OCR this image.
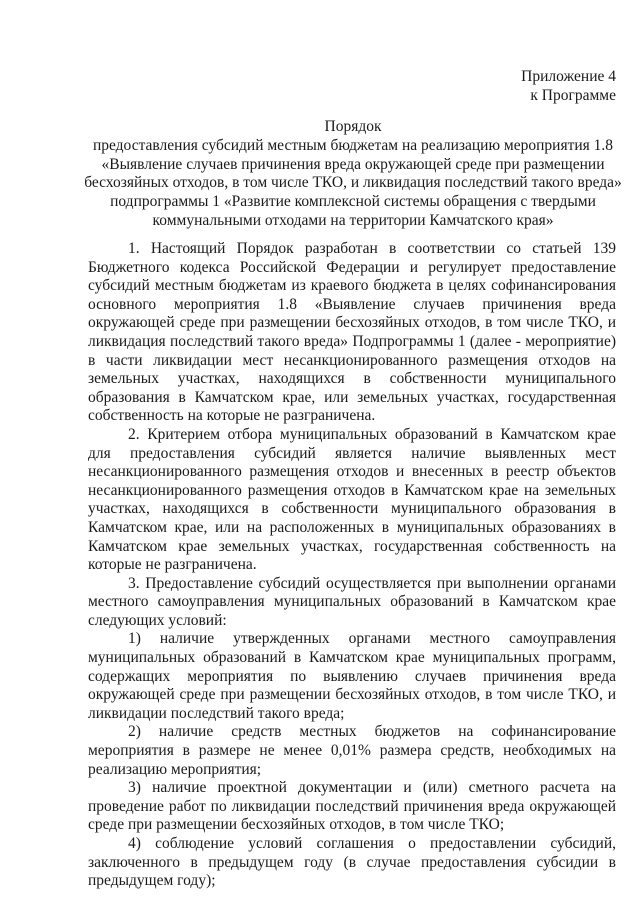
Приложение 4
к Программе
Порядок
предоставления субсидий местным бюджетам на реализацию мероприятия 1.8 «Выявление случаев причинения вреда окружающей среде при размещении бесхозяйных отходов, в том числе ТКО, и ликвидация последствий такого вреда» подпрограммы 1 «Развитие комплексной системы обращения с твердыми коммунальными отходами на территории Камчатского края»

1. Настоящий Порядок разработан в соответствии со статьей 139 Бюджетного кодекса Российской Федерации и регулирует предоставление субсидий местным бюджетам из краевого бюджета в целях софинансирования основного мероприятия 1.8 «Выявление случаев причинения вреда окружающей среде при размещении бесхозяйных отходов, в том числе ТКО, и ликвидация последствий такого вреда» Подпрограммы 1 (далее - мероприятие) в части ликвидации мест несанкционированного размещения отходов на земельных участках, находящихся в собственности муниципального образования в Камчатском крае, или земельных участках, государственная собственность на которые не разграничена.

2. Критерием отбора муниципальных образований в Камчатском крае для предоставления субсидий является наличие выявленных мест несанкционированного размещения отходов и внесенных в реестр объектов несанкционированного размещения отходов в Камчатском крае на земельных участках, находящихся в собственности муниципального образования в Камчатском крае, или на расположенных в муниципальных образованиях в Камчатском крае земельных участках, государственная собственность на которые не разграничена.

3. Предоставление субсидий осуществляется при выполнении органами местного самоуправления муниципальных образований в Камчатском крае следующих условий:

1) наличие утвержденных органами местного самоуправления муниципальных образований в Камчатском крае муниципальных программ, содержащих мероприятия по выявлению случаев причинения вреда окружающей среде при размещении бесхозяйных отходов, в том числе ТКО, и ликвидации последствий такого вреда;

2) наличие средств местных бюджетов на софинансирование мероприятия в размере не менее 0,01% размера средств, необходимых на реализацию мероприятия;

3) наличие проектной документации и (или) сметного расчета на проведение работ по ликвидации последствий причинения вреда окружающей среде при размещении бесхозяйных отходов, в том числе ТКО;

4) соблюдение условий соглашения о предоставлении субсидий, заключенного в предыдущем году (в случае предоставления субсидии в предыдущем году);
